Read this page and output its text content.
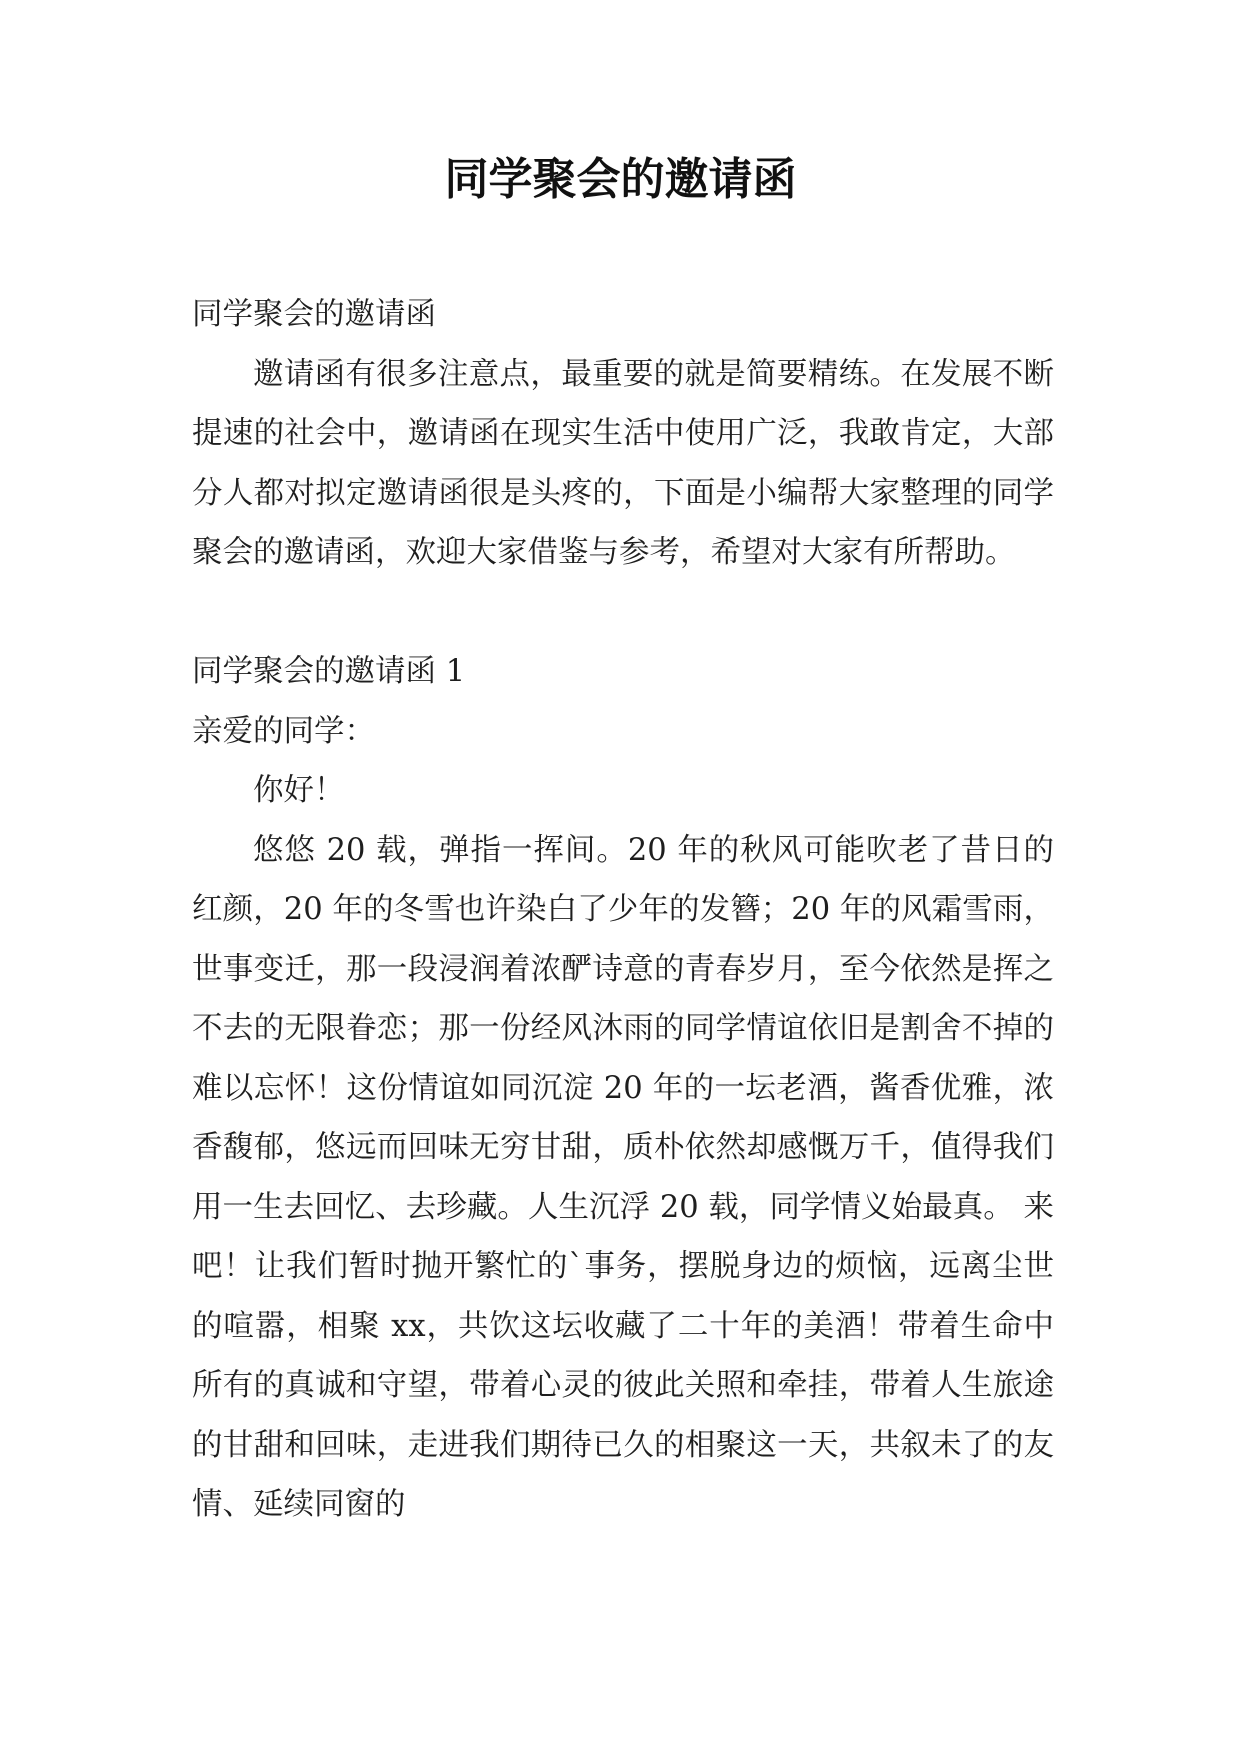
同学聚会的邀请函

同学聚会的邀请函

邀请函有很多注意点，最重要的就是简要精练。在发展不断提速的社会中，邀请函在现实生活中使用广泛，我敢肯定，大部分人都对拟定邀请函很是头疼的，下面是小编帮大家整理的同学聚会的邀请函，欢迎大家借鉴与参考，希望对大家有所帮助。

同学聚会的邀请函 1

亲爱的同学：

你好！

悠悠 20 载，弹指一挥间。20 年的秋风可能吹老了昔日的红颜，20 年的冬雪也许染白了少年的发簪；20 年的风霜雪雨，世事变迁，那一段浸润着浓酽诗意的青春岁月，至今依然是挥之不去的无限眷恋；那一份经风沐雨的同学情谊依旧是割舍不掉的难以忘怀！这份情谊如同沉淀 20 年的一坛老酒，酱香优雅，浓香馥郁，悠远而回味无穷甘甜，质朴依然却感慨万千，值得我们用一生去回忆、去珍藏。人生沉浮 20 载，同学情义始最真。 来吧！让我们暂时抛开繁忙的`事务，摆脱身边的烦恼，远离尘世的喧嚣，相聚 xx，共饮这坛收藏了二十年的美酒！带着生命中所有的真诚和守望，带着心灵的彼此关照和牵挂，带着人生旅途的甘甜和回味，走进我们期待已久的相聚这一天，共叙未了的友情、延续同窗的
